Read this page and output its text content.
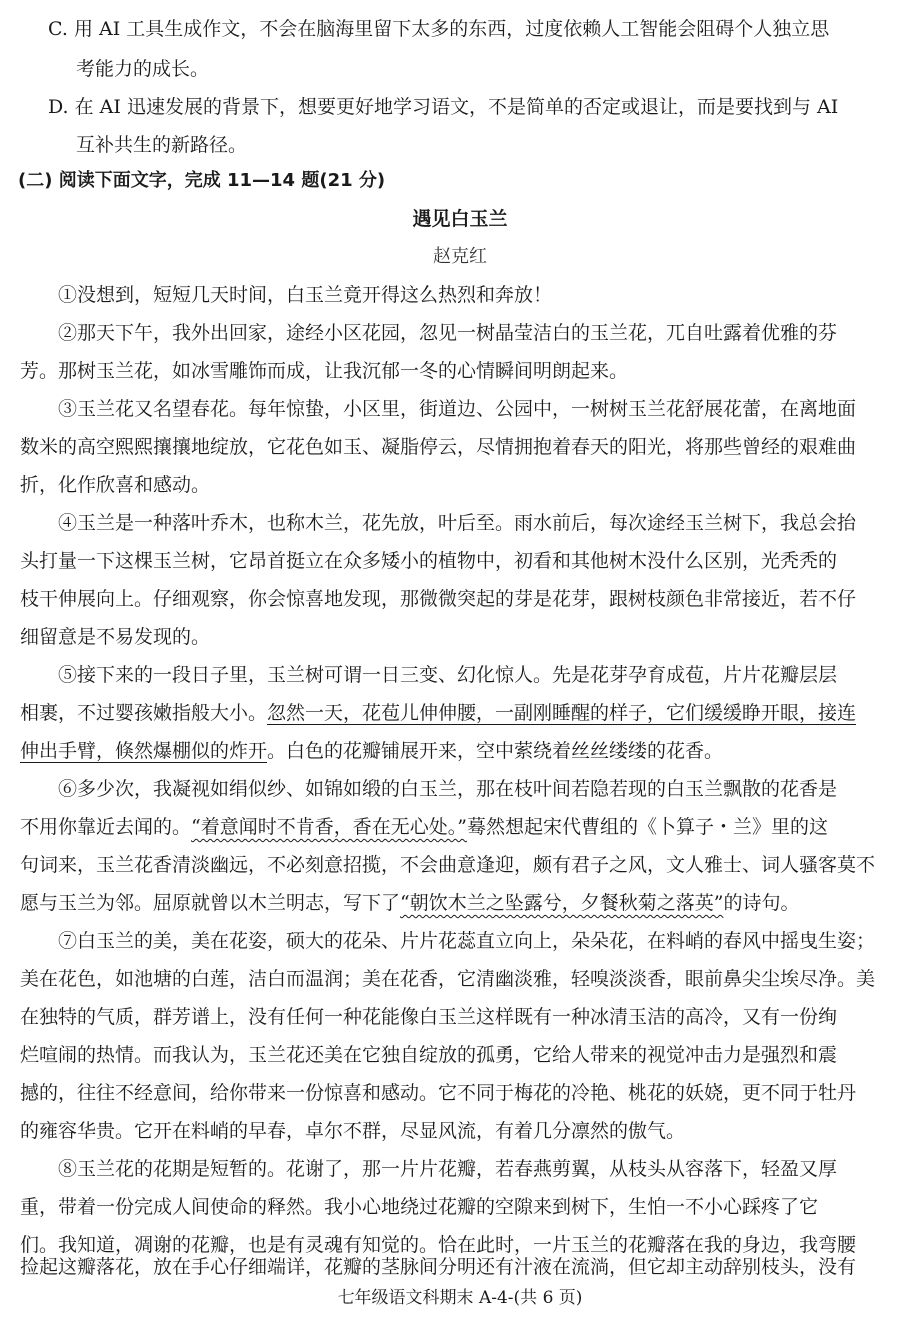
C. 用 AI 工具生成作文，不会在脑海里留下太多的东西，过度依赖人工智能会阻碍个人独立思
考能力的成长。
D. 在 AI 迅速发展的背景下，想要更好地学习语文，不是简单的否定或退让，而是要找到与 AI
互补共生的新路径。
(二) 阅读下面文字，完成 11—14 题(21 分)
遇见白玉兰
赵克红
①没想到，短短几天时间，白玉兰竟开得这么热烈和奔放！
②那天下午，我外出回家，途经小区花园，忽见一树晶莹洁白的玉兰花，兀自吐露着优雅的芬
芳。那树玉兰花，如冰雪雕饰而成，让我沉郁一冬的心情瞬间明朗起来。
③玉兰花又名望春花。每年惊蛰，小区里，街道边、公园中，一树树玉兰花舒展花蕾，在离地面
数米的高空熙熙攘攘地绽放，它花色如玉、凝脂停云，尽情拥抱着春天的阳光，将那些曾经的艰难曲
折，化作欣喜和感动。
④玉兰是一种落叶乔木，也称木兰，花先放，叶后至。雨水前后，每次途经玉兰树下，我总会抬
头打量一下这棵玉兰树，它昂首挺立在众多矮小的植物中，初看和其他树木没什么区别，光秃秃的
枝干伸展向上。仔细观察，你会惊喜地发现，那微微突起的芽是花芽，跟树枝颜色非常接近，若不仔
细留意是不易发现的。
⑤接下来的一段日子里，玉兰树可谓一日三变、幻化惊人。先是花芽孕育成苞，片片花瓣层层
相裹，不过婴孩嫩指般大小。忽然一天，花苞儿伸伸腰，一副刚睡醒的样子，它们缓缓睁开眼，接连
伸出手臂，倏然爆棚似的炸开。白色的花瓣铺展开来，空中萦绕着丝丝缕缕的花香。
⑥多少次，我凝视如绢似纱、如锦如缎的白玉兰，那在枝叶间若隐若现的白玉兰飘散的花香是
不用你靠近去闻的。“着意闻时不肯香，香在无心处。”蓦然想起宋代曹组的《卜算子・兰》里的这
句词来，玉兰花香清淡幽远，不必刻意招揽，不会曲意逢迎，颇有君子之风，文人雅士、词人骚客莫不
愿与玉兰为邻。屈原就曾以木兰明志，写下了“朝饮木兰之坠露兮，夕餐秋菊之落英”的诗句。
⑦白玉兰的美，美在花姿，硕大的花朵、片片花蕊直立向上，朵朵花，在料峭的春风中摇曳生姿；
美在花色，如池塘的白莲，洁白而温润；美在花香，它清幽淡雅，轻嗅淡淡香，眼前鼻尖尘埃尽净。美
在独特的气质，群芳谱上，没有任何一种花能像白玉兰这样既有一种冰清玉洁的高冷，又有一份绚
烂喧闹的热情。而我认为，玉兰花还美在它独自绽放的孤勇，它给人带来的视觉冲击力是强烈和震
撼的，往往不经意间，给你带来一份惊喜和感动。它不同于梅花的冷艳、桃花的妖娆，更不同于牡丹
的雍容华贵。它开在料峭的早春，卓尔不群，尽显风流，有着几分凛然的傲气。
⑧玉兰花的花期是短暂的。花谢了，那一片片花瓣，若春燕剪翼，从枝头从容落下，轻盈又厚
重，带着一份完成人间使命的释然。我小心地绕过花瓣的空隙来到树下，生怕一不小心踩疼了它
们。我知道，凋谢的花瓣，也是有灵魂有知觉的。恰在此时，一片玉兰的花瓣落在我的身边，我弯腰
捡起这瓣落花，放在手心仔细端详，花瓣的茎脉间分明还有汁液在流淌，但它却主动辞别枝头，没有
七年级语文科期末 A-4-(共 6 页)
